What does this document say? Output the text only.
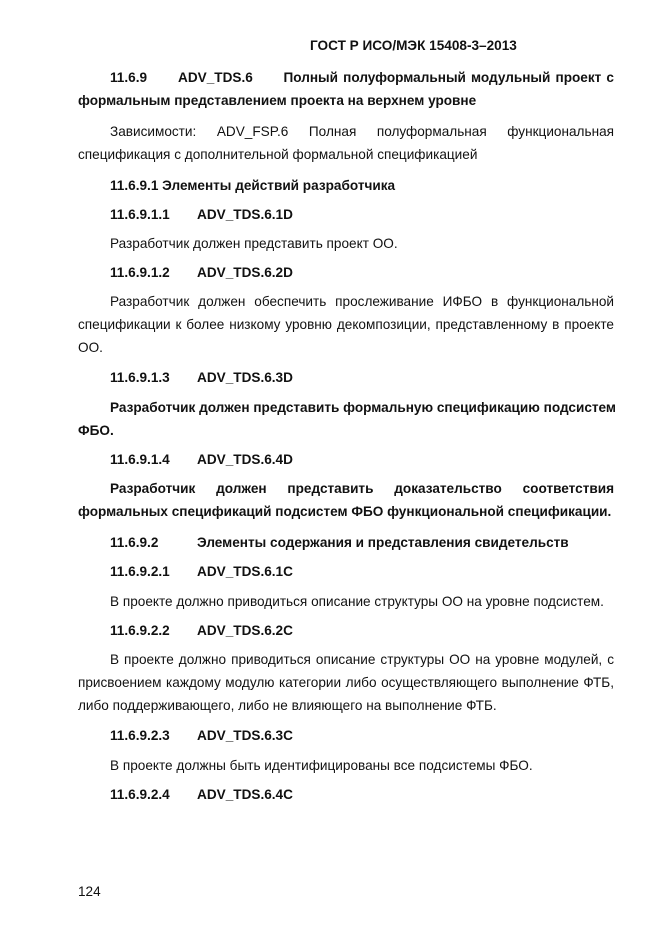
ГОСТ Р ИСО/МЭК 15408-3–2013
11.6.9 ADV_TDS.6      Полный полуформальный модульный проект с
формальным представлением проекта на верхнем уровне
Зависимости:   ADV_FSP.6   Полная   полуформальная   функциональная
спецификация с дополнительной формальной спецификацией
11.6.9.1 Элементы действий разработчика
11.6.9.1.1 ADV_TDS.6.1D
Разработчик должен представить проект ОО.
11.6.9.1.2 ADV_TDS.6.2D
Разработчик должен обеспечить прослеживание ИФБО в функциональной
спецификации к более низкому уровню декомпозиции, представленному в проекте
ОО.
11.6.9.1.3 ADV_TDS.6.3D
Разработчик должен представить формальную спецификацию подсистем
ФБО.
11.6.9.1.4 ADV_TDS.6.4D
Разработчик должен представить доказательство соответствия
формальных спецификаций подсистем ФБО функциональной спецификации.
11.6.9.2	Элементы содержания и представления свидетельств
11.6.9.2.1 ADV_TDS.6.1C
В проекте должно приводиться описание структуры ОО на уровне подсистем.
11.6.9.2.2 ADV_TDS.6.2C
В проекте должно приводиться описание структуры ОО на уровне модулей, с
присвоением каждому модулю категории либо осуществляющего выполнение ФТБ,
либо поддерживающего, либо не влияющего на выполнение ФТБ.
11.6.9.2.3 ADV_TDS.6.3C
В проекте должны быть идентифицированы все подсистемы ФБО.
11.6.9.2.4 ADV_TDS.6.4C
124
